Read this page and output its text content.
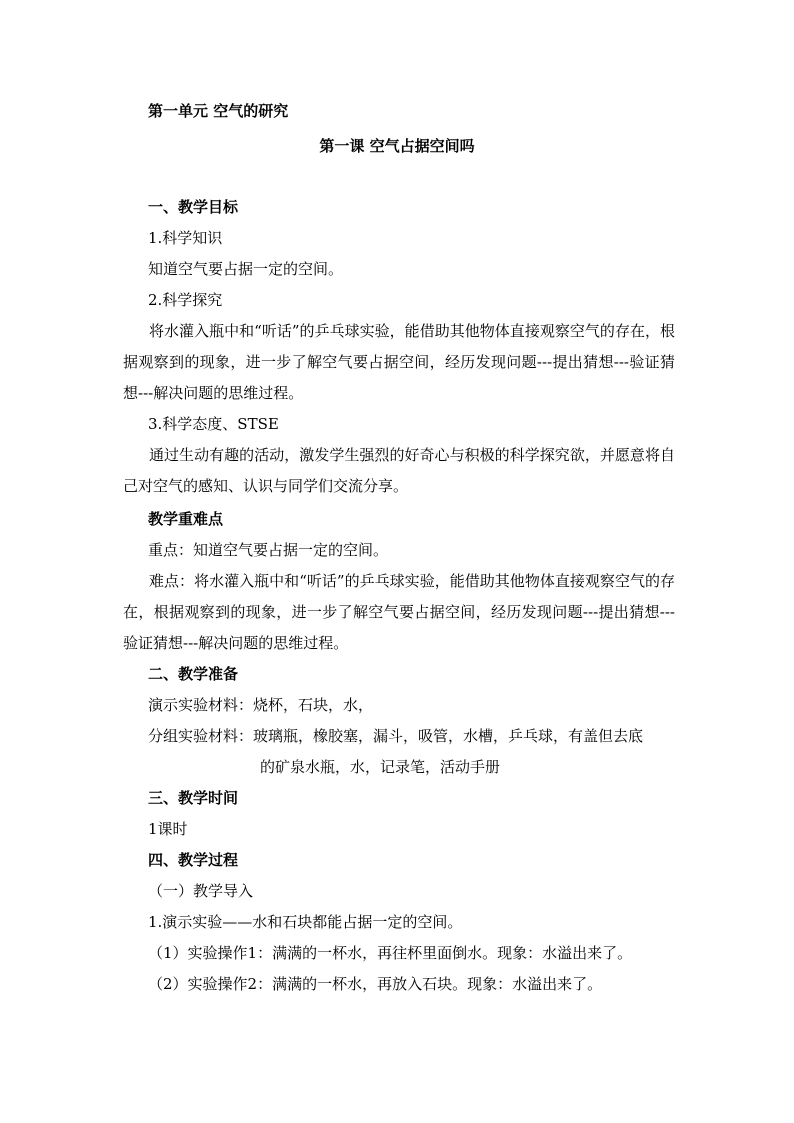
第一单元 空气的研究
第一课 空气占据空间吗
一、教学目标
1.科学知识
知道空气要占据一定的空间。
2.科学探究
将水灌入瓶中和“听话”的乒乓球实验，能借助其他物体直接观察空气的存在，根据观察到的现象，进一步了解空气要占据空间，经历发现问题---提出猜想---验证猜想---解决问题的思维过程。
3.科学态度、STSE
通过生动有趣的活动，激发学生强烈的好奇心与积极的科学探究欲，并愿意将自己对空气的感知、认识与同学们交流分享。
教学重难点
重点：知道空气要占据一定的空间。
难点：将水灌入瓶中和“听话”的乒乓球实验，能借助其他物体直接观察空气的存在，根据观察到的现象，进一步了解空气要占据空间，经历发现问题---提出猜想---验证猜想---解决问题的思维过程。
二、教学准备
演示实验材料：烧杯，石块，水，
分组实验材料：玻璃瓶，橡胶塞，漏斗，吸管，水槽，乒乓球，有盖但去底
的矿泉水瓶，水，记录笔，活动手册
三、教学时间
1课时
四、教学过程
（一）教学导入
1.演示实验——水和石块都能占据一定的空间。
（1）实验操作1：满满的一杯水，再往杯里面倒水。现象：水溢出来了。
（2）实验操作2：满满的一杯水，再放入石块。现象：水溢出来了。
